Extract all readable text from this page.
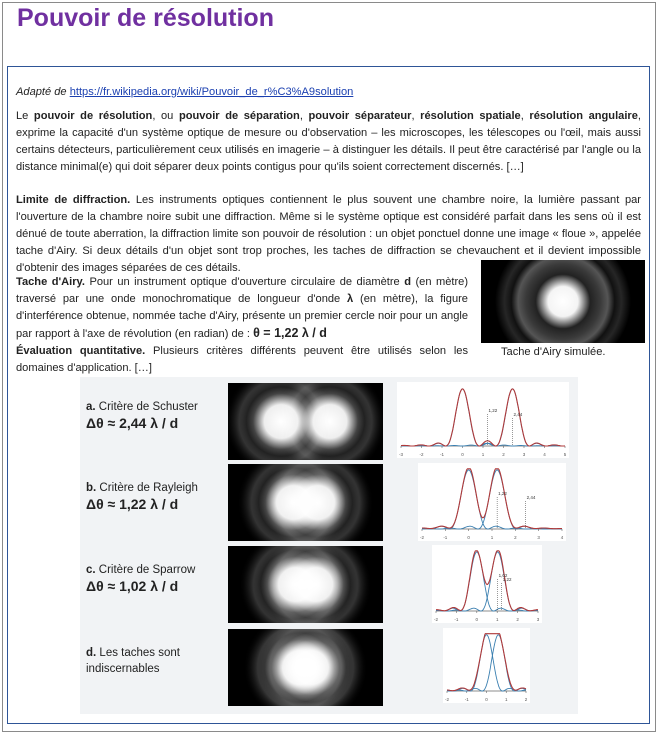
Pouvoir de résolution
Adapté de https://fr.wikipedia.org/wiki/Pouvoir_de_r%C3%A9solution
Le pouvoir de résolution, ou pouvoir de séparation, pouvoir séparateur, résolution spatiale, résolution angulaire, exprime la capacité d'un système optique de mesure ou d'observation – les microscopes, les télescopes ou l'œil, mais aussi certains détecteurs, particulièrement ceux utilisés en imagerie – à distinguer les détails. Il peut être caractérisé par l'angle ou la distance minimal(e) qui doit séparer deux points contigus pour qu'ils soient correctement discernés. […]
Limite de diffraction. Les instruments optiques contiennent le plus souvent une chambre noire, la lumière passant par l'ouverture de la chambre noire subit une diffraction. Même si le système optique est considéré parfait dans les sens où il est dénué de toute aberration, la diffraction limite son pouvoir de résolution : un objet ponctuel donne une image « floue », appelée tache d'Airy. Si deux détails d'un objet sont trop proches, les taches de diffraction se chevauchent et il devient impossible d'obtenir des images séparées de ces détails.
Tache d'Airy. Pour un instrument optique d'ouverture circulaire de diamètre d (en mètre) traversé par une onde monochromatique de longueur d'onde λ (en mètre), la figure d'interférence obtenue, nommée tache d'Airy, présente un premier cercle noir pour un angle par rapport à l'axe de révolution (en radian) de : θ = 1,22 λ / d
Évaluation quantitative. Plusieurs critères différents peuvent être utilisés selon les domaines d'application. […]
Tache d'Airy simulée.
a. Critère de Schuster
Δθ ≈ 2,44 λ / d
-3	-2	-1	0	1	2	3	4	5
1,22
2,44
b. Critère de Rayleigh
Δθ ≈ 1,22 λ / d
-2	-1	0	1	2	3	4
1,22
2,44
c. Critère de Sparrow
Δθ ≈ 1,02 λ / d
-2	-1	0	1	2	3
1,02
1,22
d. Les taches sont indiscernables
-2	-1	0	1	2
